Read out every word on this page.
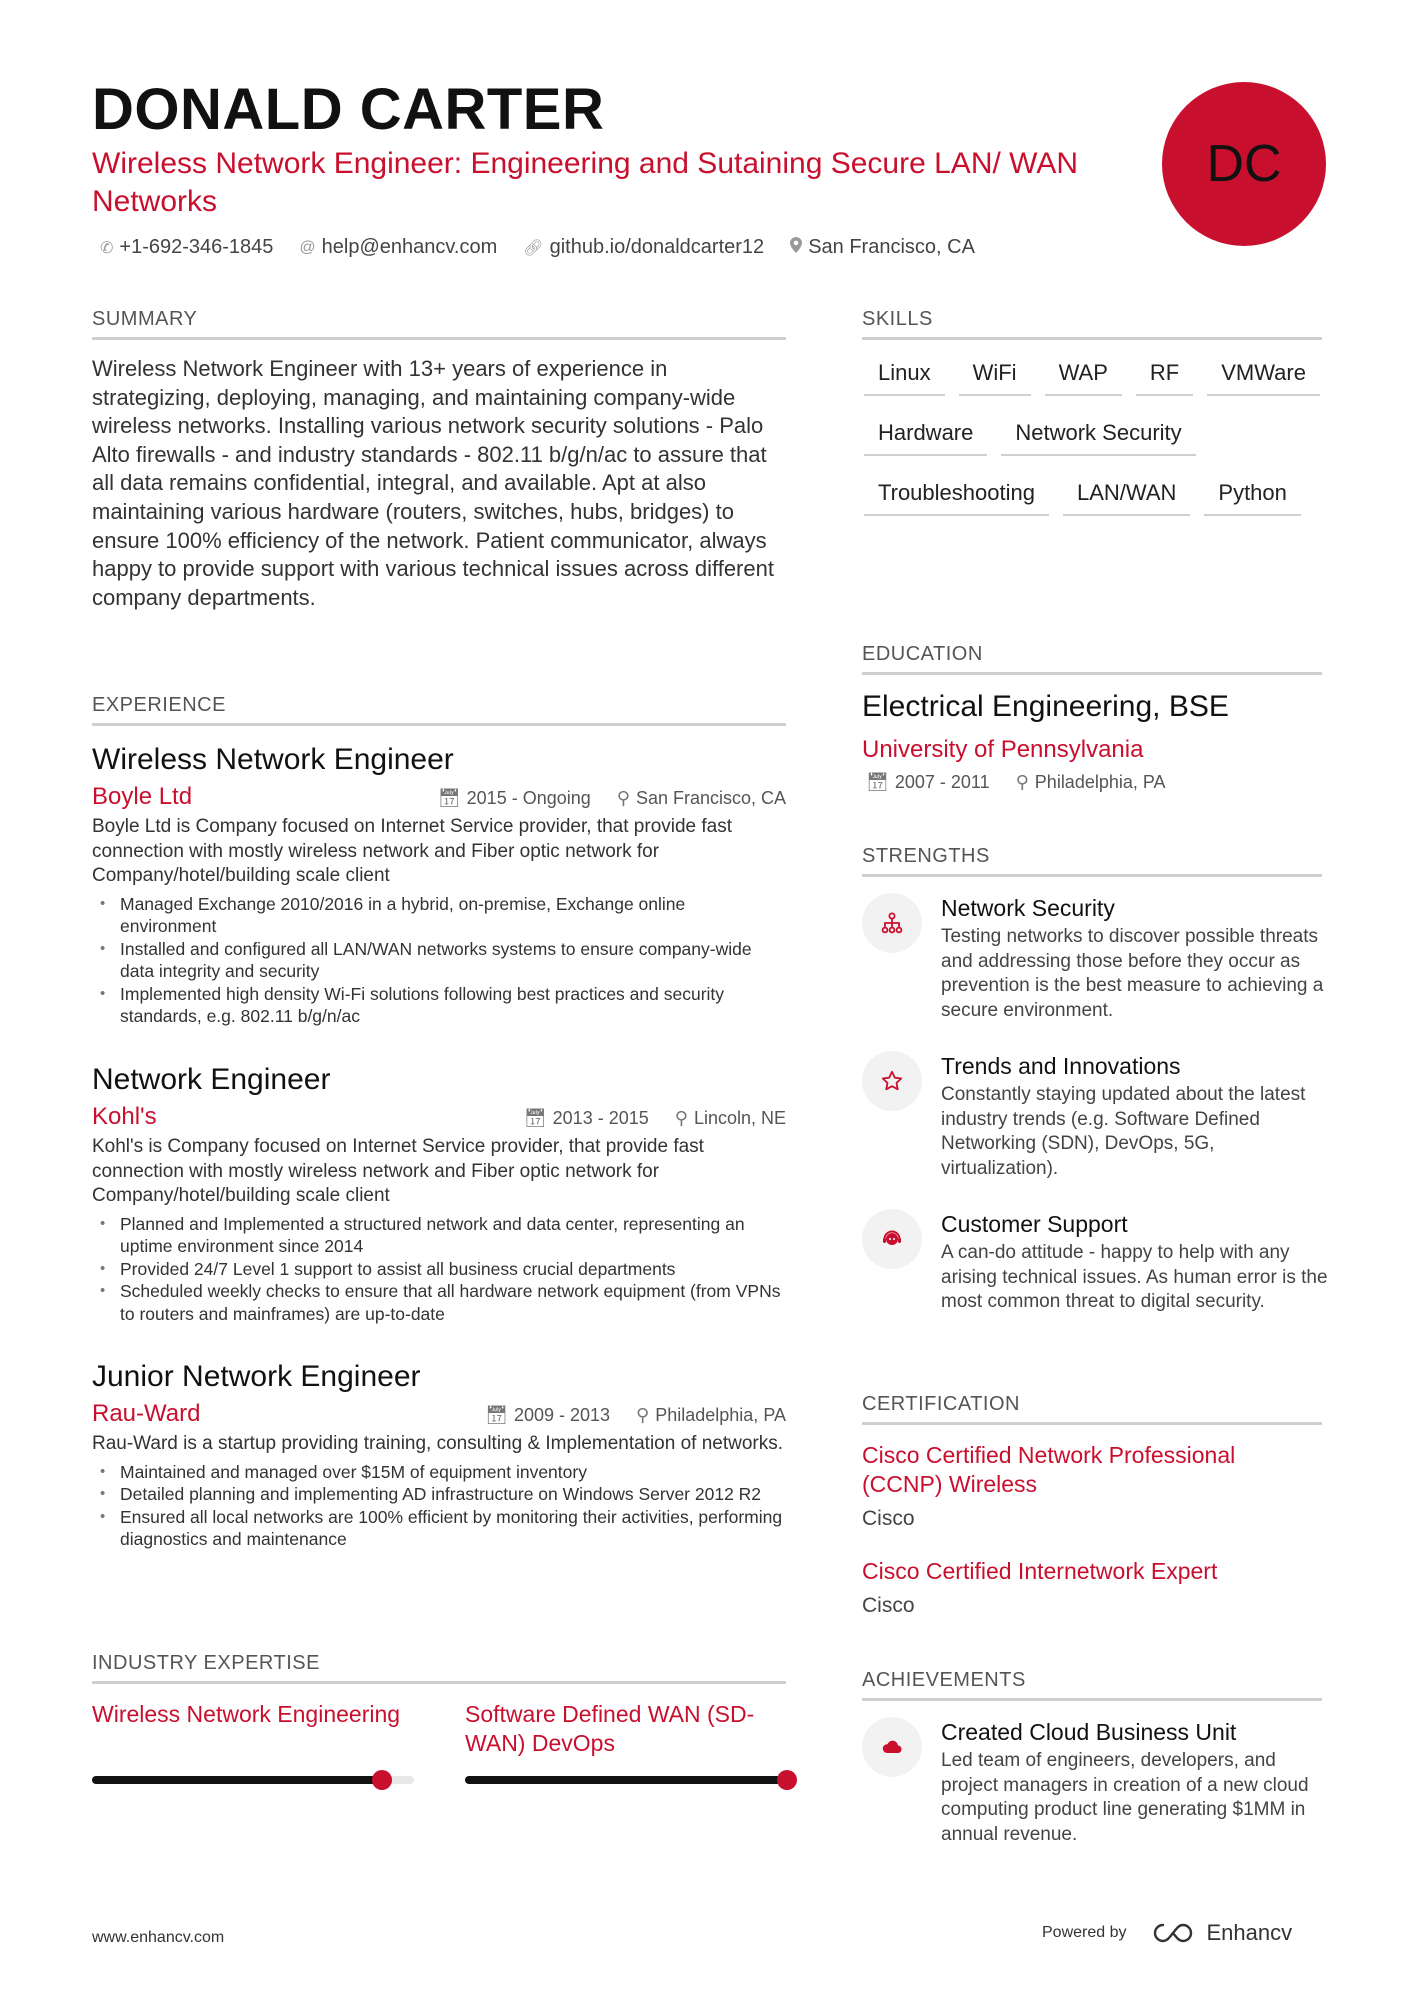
DONALD CARTER
Wireless Network Engineer: Engineering and Sutaining Secure LAN/ WAN Networks
✆ +1-692-346-1845 @ help@enhancv.com 🔗︎ github.io/donaldcarter12 San Francisco, CA
DC
SUMMARY
Wireless Network Engineer with 13+ years of experience in strategizing, deploying, managing, and maintaining company-wide wireless networks. Installing various network security solutions - Palo Alto firewalls - and industry standards - 802.11 b/g/n/ac to assure that all data remains confidential, integral, and available. Apt at also maintaining various hardware (routers, switches, hubs, bridges) to ensure 100% efficiency of the network. Patient communicator, always happy to provide support with various technical issues across different company departments.
EXPERIENCE
Wireless Network Engineer
Boyle Ltd	📅︎ 2015 - Ongoing ⚲ San Francisco, CA
Boyle Ltd is Company focused on Internet Service provider, that provide fast connection with mostly wireless network and Fiber optic network for Company/hotel/building scale client
• Managed Exchange 2010/2016 in a hybrid, on-premise, Exchange online environment
• Installed and configured all LAN/WAN networks systems to ensure company-wide data integrity and security
• Implemented high density Wi-Fi solutions following best practices and security standards, e.g. 802.11 b/g/n/ac
Network Engineer
Kohl's	📅︎ 2013 - 2015 ⚲ Lincoln, NE
Kohl's is Company focused on Internet Service provider, that provide fast connection with mostly wireless network and Fiber optic network for Company/hotel/building scale client
• Planned and Implemented a structured network and data center, representing an uptime environment since 2014
• Provided 24/7 Level 1 support to assist all business crucial departments
• Scheduled weekly checks to ensure that all hardware network equipment (from VPNs to routers and mainframes) are up-to-date
Junior Network Engineer
Rau-Ward	📅︎ 2009 - 2013 ⚲ Philadelphia, PA
Rau-Ward is a startup providing training, consulting & Implementation of networks.
• Maintained and managed over $15M of equipment inventory
• Detailed planning and implementing AD infrastructure on Windows Server 2012 R2
• Ensured all local networks are 100% efficient by monitoring their activities, performing diagnostics and maintenance
INDUSTRY EXPERTISE
Wireless Network Engineering	Software Defined WAN (SD-WAN) DevOps
SKILLS
Linux	WiFi	WAP	RF	VMWare
Hardware	Network Security
Troubleshooting	LAN/WAN	Python
EDUCATION
Electrical Engineering, BSE
University of Pennsylvania
📅︎ 2007 - 2011 ⚲ Philadelphia, PA
STRENGTHS
Network Security
Testing networks to discover possible threats and addressing those before they occur as prevention is the best measure to achieving a secure environment.
Trends and Innovations
Constantly staying updated about the latest industry trends (e.g. Software Defined Networking (SDN), DevOps, 5G, virtualization).
Customer Support
A can-do attitude - happy to help with any arising technical issues. As human error is the most common threat to digital security.
CERTIFICATION
Cisco Certified Network Professional (CCNP) Wireless
Cisco
Cisco Certified Internetwork Expert
Cisco
ACHIEVEMENTS
Created Cloud Business Unit
Led team of engineers, developers, and project managers in creation of a new cloud computing product line generating $1MM in annual revenue.
www.enhancv.com	Powered by	Enhancv
